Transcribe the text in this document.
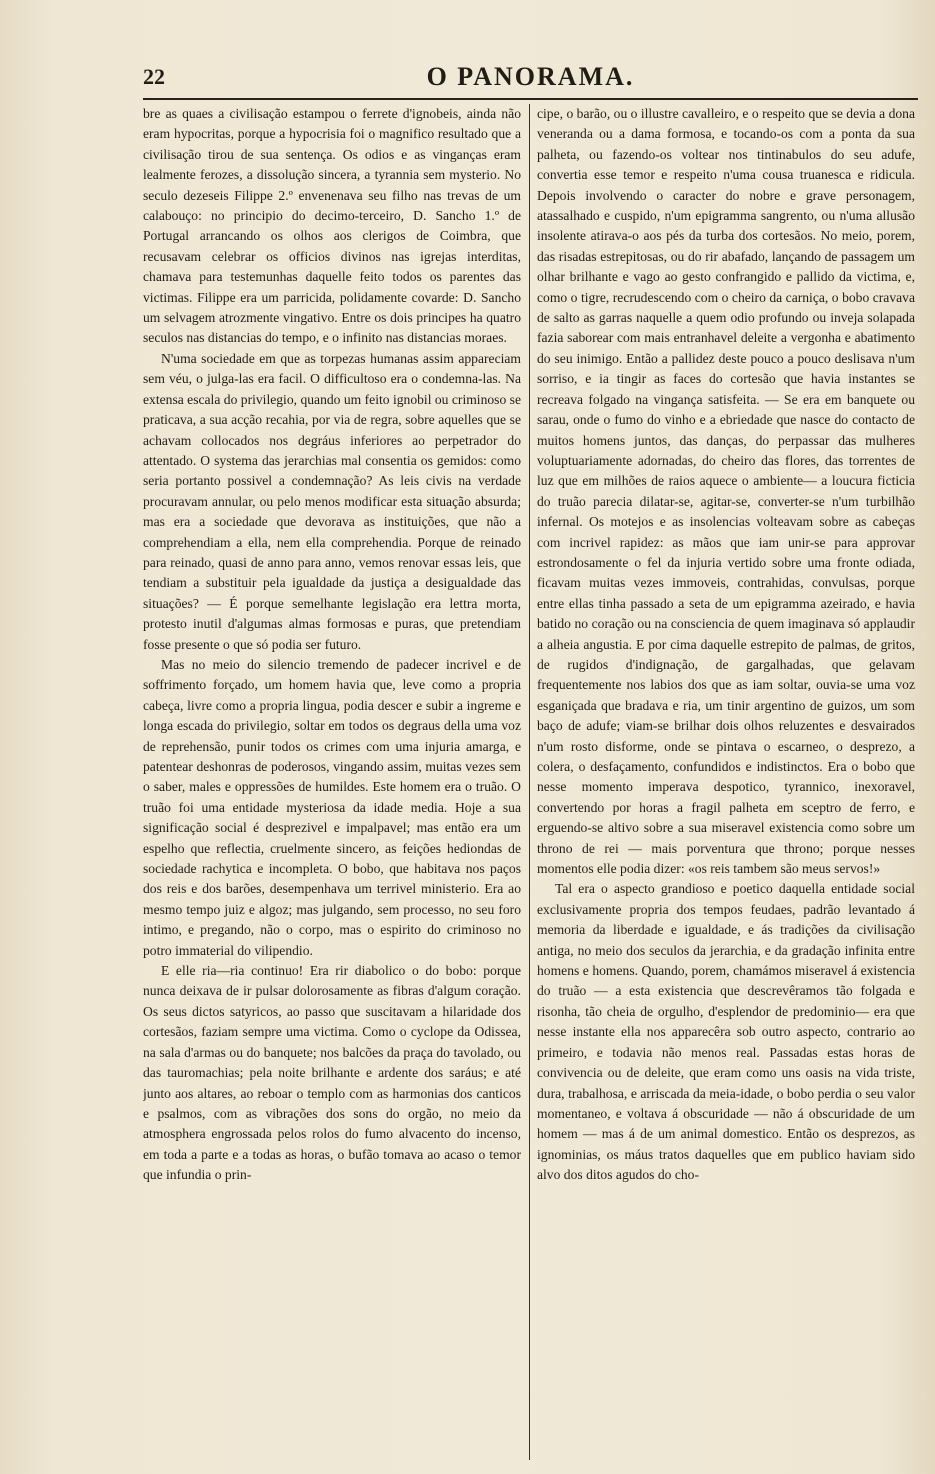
22	O PANORAMA.

bre as quaes a civilisação estampou o ferrete d'ignobeis, ainda não eram hypocritas, porque a hypocrisia foi o magnifico resultado que a civilisação tirou de sua sentença. Os odios e as vinganças eram lealmente ferozes, a dissolução sincera, a tyrannia sem mysterio. No seculo dezeseis Filippe 2.º envenenava seu filho nas trevas de um calabouço: no principio do decimo-terceiro, D. Sancho 1.º de Portugal arrancando os olhos aos clerigos de Coimbra, que recusavam celebrar os officios divinos nas igrejas interditas, chamava para testemunhas daquelle feito todos os parentes das victimas. Filippe era um parricida, polidamente covarde: D. Sancho um selvagem atrozmente vingativo. Entre os dois principes ha quatro seculos nas distancias do tempo, e o infinito nas distancias moraes.

N'uma sociedade em que as torpezas humanas assim appareciam sem véu, o julga-las era facil. O difficultoso era o condemna-las. Na extensa escala do privilegio, quando um feito ignobil ou criminoso se praticava, a sua acção recahia, por via de regra, sobre aquelles que se achavam collocados nos degráus inferiores ao perpetrador do attentado. O systema das jerarchias mal consentia os gemidos: como seria portanto possivel a condemnação? As leis civis na verdade procuravam annular, ou pelo menos modificar esta situação absurda; mas era a sociedade que devorava as instituições, que não a comprehendiam a ella, nem ella comprehendia. Porque de reinado para reinado, quasi de anno para anno, vemos renovar essas leis, que tendiam a substituir pela igualdade da justiça a desigualdade das situações? — É porque semelhante legislação era lettra morta, protesto inutil d'algumas almas formosas e puras, que pretendiam fosse presente o que só podia ser futuro.

Mas no meio do silencio tremendo de padecer incrivel e de soffrimento forçado, um homem havia que, leve como a propria cabeça, livre como a propria lingua, podia descer e subir a ingreme e longa escada do privilegio, soltar em todos os degraus della uma voz de reprehensão, punir todos os crimes com uma injuria amarga, e patentear deshonras de poderosos, vingando assim, muitas vezes sem o saber, males e oppressões de humildes. Este homem era o truão. O truão foi uma entidade mysteriosa da idade media. Hoje a sua significação social é desprezivel e impalpavel; mas então era um espelho que reflectia, cruelmente sincero, as feições hediondas de sociedade rachytica e incompleta. O bobo, que habitava nos paços dos reis e dos barões, desempenhava um terrivel ministerio. Era ao mesmo tempo juiz e algoz; mas julgando, sem processo, no seu foro intimo, e pregando, não o corpo, mas o espirito do criminoso no potro immaterial do vilipendio.

E elle ria—ria continuo! Era rir diabolico o do bobo: porque nunca deixava de ir pulsar dolorosamente as fibras d'algum coração. Os seus dictos satyricos, ao passo que suscitavam a hilaridade dos cortesãos, faziam sempre uma victima. Como o cyclope da Odissea, na sala d'armas ou do banquete; nos balcões da praça do tavolado, ou das tauromachias; pela noite brilhante e ardente dos saráus; e até junto aos altares, ao reboar o templo com as harmonias dos canticos e psalmos, com as vibrações dos sons do orgão, no meio da atmosphera engrossada pelos rolos do fumo alvacento do incenso, em toda a parte e a todas as horas, o bufão tomava ao acaso o temor que infundia o prin-

cipe, o barão, ou o illustre cavalleiro, e o respeito que se devia a dona veneranda ou a dama formosa, e tocando-os com a ponta da sua palheta, ou fazendo-os voltear nos tintinabulos do seu adufe, convertia esse temor e respeito n'uma cousa truanesca e ridicula. Depois involvendo o caracter do nobre e grave personagem, atassalhado e cuspido, n'um epigramma sangrento, ou n'uma allusão insolente atirava-o aos pés da turba dos cortesãos. No meio, porem, das risadas estrepitosas, ou do rir abafado, lançando de passagem um olhar brilhante e vago ao gesto confrangido e pallido da victima, e, como o tigre, recrudescendo com o cheiro da carniça, o bobo cravava de salto as garras naquelle a quem odio profundo ou inveja solapada fazia saborear com mais entranhavel deleite a vergonha e abatimento do seu inimigo. Então a pallidez deste pouco a pouco deslisava n'um sorriso, e ia tingir as faces do cortesão que havia instantes se recreava folgado na vingança satisfeita. — Se era em banquete ou sarau, onde o fumo do vinho e a ebriedade que nasce do contacto de muitos homens juntos, das danças, do perpassar das mulheres voluptuariamente adornadas, do cheiro das flores, das torrentes de luz que em milhões de raios aquece o ambiente— a loucura ficticia do truão parecia dilatar-se, agitar-se, converter-se n'um turbilhão infernal. Os motejos e as insolencias volteavam sobre as cabeças com incrivel rapidez: as mãos que iam unir-se para approvar estrondosamente o fel da injuria vertido sobre uma fronte odiada, ficavam muitas vezes immoveis, contrahidas, convulsas, porque entre ellas tinha passado a seta de um epigramma azeirado, e havia batido no coração ou na consciencia de quem imaginava só applaudir a alheia angustia. E por cima daquelle estrepito de palmas, de gritos, de rugidos d'indignação, de gargalhadas, que gelavam frequentemente nos labios dos que as iam soltar, ouvia-se uma voz esganiçada que bradava e ria, um tinir argentino de guizos, um som baço de adufe; viam-se brilhar dois olhos reluzentes e desvairados n'um rosto disforme, onde se pintava o escarneo, o desprezo, a colera, o desfaçamento, confundidos e indistinctos. Era o bobo que nesse momento imperava despotico, tyrannico, inexoravel, convertendo por horas a fragil palheta em sceptro de ferro, e erguendo-se altivo sobre a sua miseravel existencia como sobre um throno de rei — mais porventura que throno; porque nesses momentos elle podia dizer: «os reis tambem são meus servos!»

Tal era o aspecto grandioso e poetico daquella entidade social exclusivamente propria dos tempos feudaes, padrão levantado á memoria da liberdade e igualdade, e ás tradições da civilisação antiga, no meio dos seculos da jerarchia, e da gradação infinita entre homens e homens. Quando, porem, chamámos miseravel á existencia do truão — a esta existencia que descrevêramos tão folgada e risonha, tão cheia de orgulho, d'esplendor de predominio— era que nesse instante ella nos apparecêra sob outro aspecto, contrario ao primeiro, e todavia não menos real. Passadas estas horas de convivencia ou de deleite, que eram como uns oasis na vida triste, dura, trabalhosa, e arriscada da meia-idade, o bobo perdia o seu valor momentaneo, e voltava á obscuridade — não á obscuridade de um homem — mas á de um animal domestico. Então os desprezos, as ignominias, os máus tratos daquelles que em publico haviam sido alvo dos ditos agudos do cho-
